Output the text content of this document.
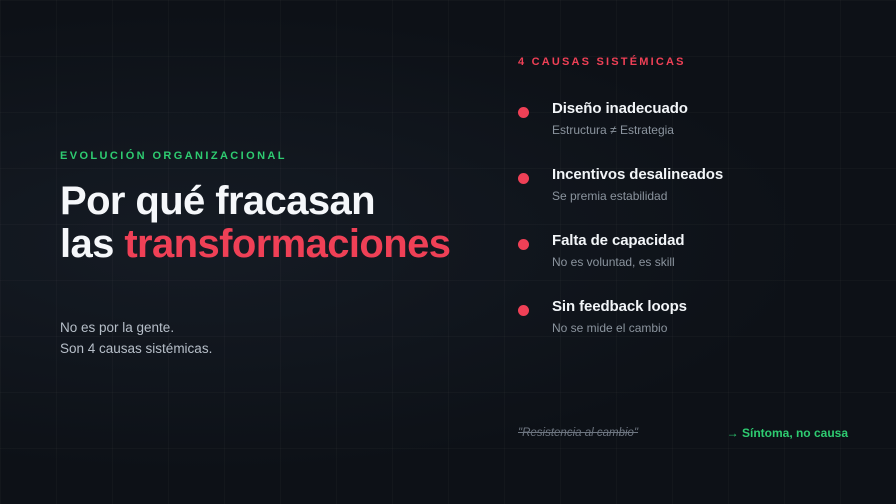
EVOLUCIÓN ORGANIZACIONAL
Por qué fracasan
las transformaciones
No es por la gente.
Son 4 causas sistémicas.
4 CAUSAS SISTÉMICAS
Diseño inadecuado
Estructura ≠ Estrategia
Incentivos desalineados
Se premia estabilidad
Falta de capacidad
No es voluntad, es skill
Sin feedback loops
No se mide el cambio
"Resistencia al cambio"	→ Síntoma, no causa
